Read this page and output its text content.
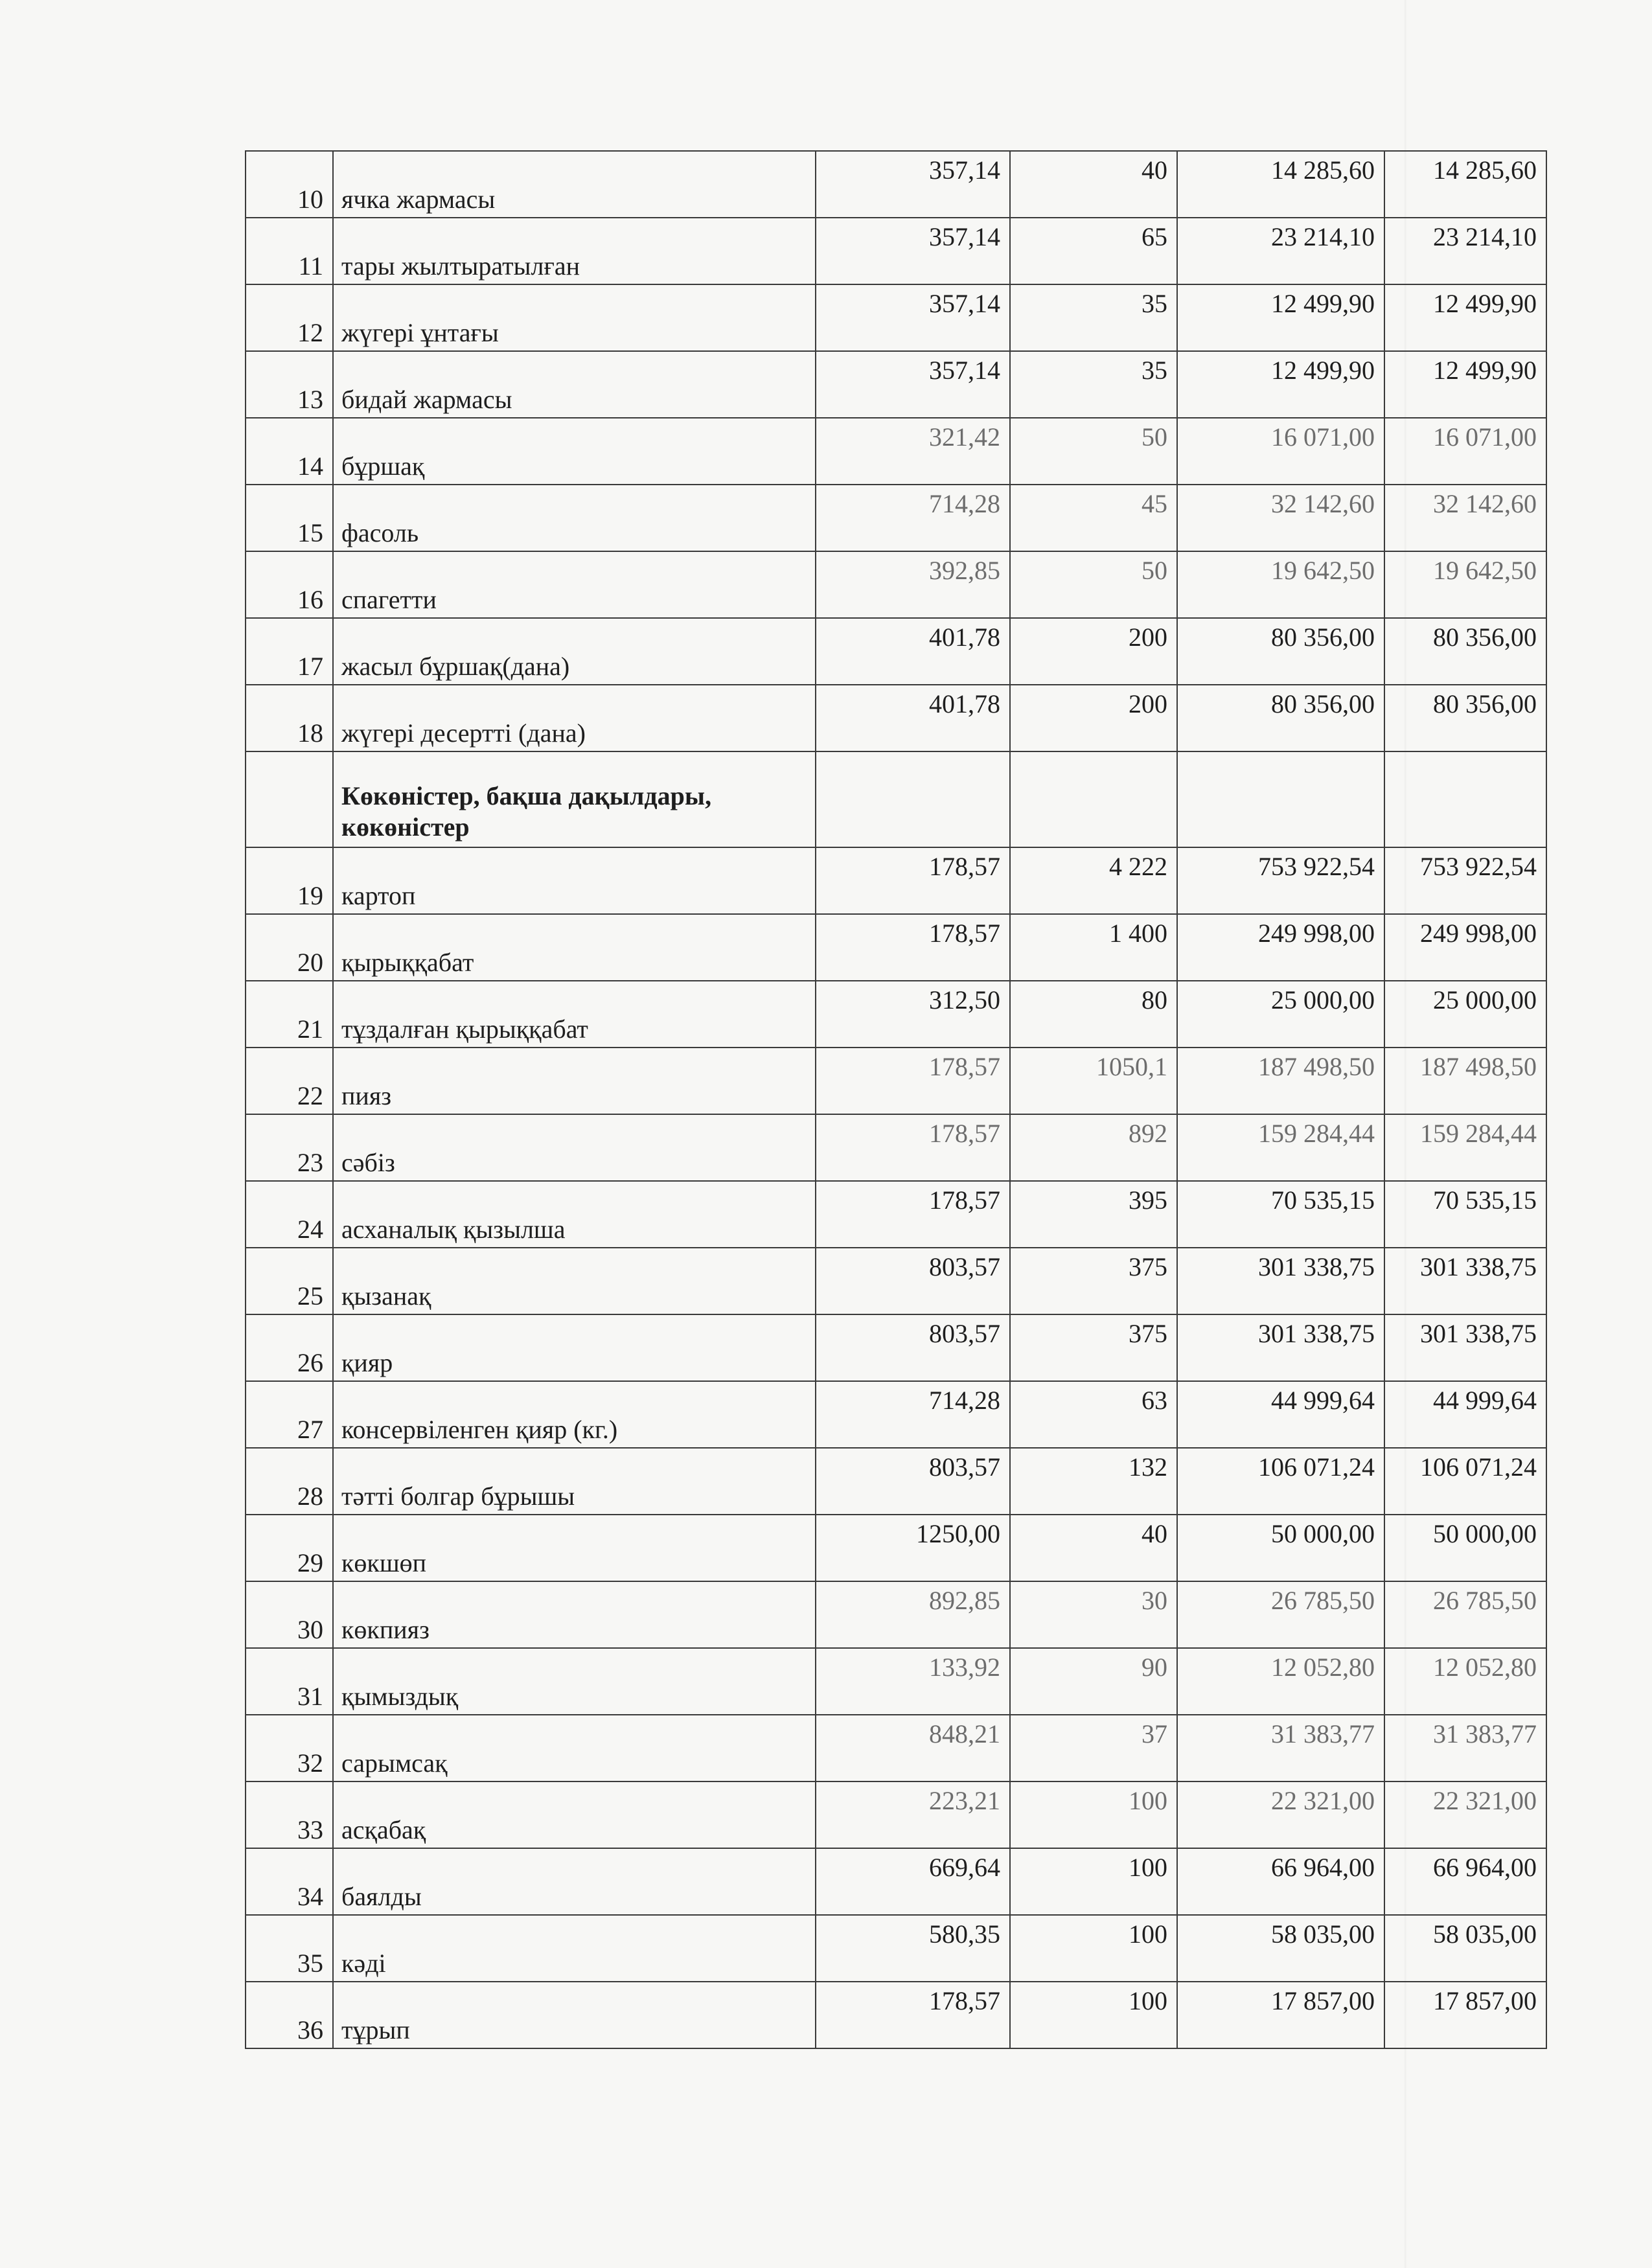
10	ячка жармасы	357,14	40	14 285,60	14 285,60
11	тары жылтыратылған	357,14	65	23 214,10	23 214,10
12	жүгері ұнтағы	357,14	35	12 499,90	12 499,90
13	бидай жармасы	357,14	35	12 499,90	12 499,90
14	бұршақ	321,42	50	16 071,00	16 071,00
15	фасоль	714,28	45	32 142,60	32 142,60
16	спагетти	392,85	50	19 642,50	19 642,50
17	жасыл бұршақ(дана)	401,78	200	80 356,00	80 356,00
18	жүгері десертті (дана)	401,78	200	80 356,00	80 356,00
	Көкөністер, бақша дақылдары, көкөністер				
19	картоп	178,57	4 222	753 922,54	753 922,54
20	қырыққабат	178,57	1 400	249 998,00	249 998,00
21	тұздалған қырыққабат	312,50	80	25 000,00	25 000,00
22	пияз	178,57	1050,1	187 498,50	187 498,50
23	сәбіз	178,57	892	159 284,44	159 284,44
24	асханалық қызылша	178,57	395	70 535,15	70 535,15
25	қызанақ	803,57	375	301 338,75	301 338,75
26	қияр	803,57	375	301 338,75	301 338,75
27	консервіленген қияр (кг.)	714,28	63	44 999,64	44 999,64
28	тәтті болгар бұрышы	803,57	132	106 071,24	106 071,24
29	көкшөп	1250,00	40	50 000,00	50 000,00
30	көкпияз	892,85	30	26 785,50	26 785,50
31	қымыздық	133,92	90	12 052,80	12 052,80
32	сарымсақ	848,21	37	31 383,77	31 383,77
33	асқабақ	223,21	100	22 321,00	22 321,00
34	баялды	669,64	100	66 964,00	66 964,00
35	кәді	580,35	100	58 035,00	58 035,00
36	тұрып	178,57	100	17 857,00	17 857,00
